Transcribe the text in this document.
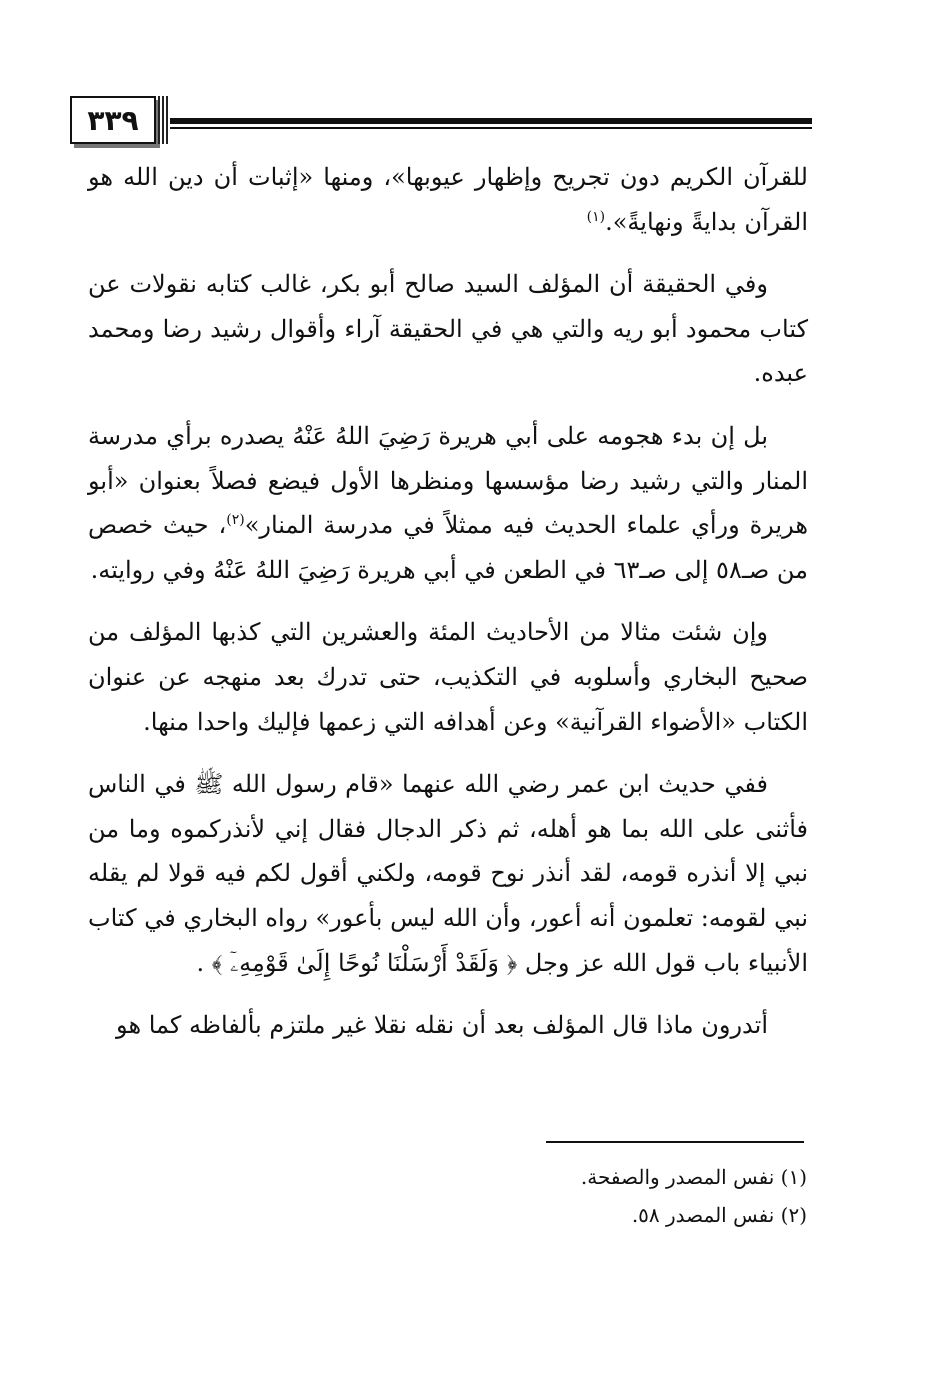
٣٣٩

للقرآن الكريم دون تجريح وإظهار عيوبها»، ومنها «إثبات أن دين الله هو القرآن بدايةً ونهايةً».$^{(١)}$

وفي الحقيقة أن المؤلف السيد صالح أبو بكر، غالب كتابه نقولات عن كتاب محمود أبو ريه والتي هي في الحقيقة آراء وأقوال رشيد رضا ومحمد عبده.

بل إن بدء هجومه على أبي هريرة رَضِيَ اللهُ عَنْهُ يصدره برأي مدرسة المنار والتي رشيد رضا مؤسسها ومنظرها الأول فيضع فصلاً بعنوان «أبو هريرة ورأي علماء الحديث فيه ممثلاً في مدرسة المنار»$^{(٢)}$، حيث خصص من صـ٥٨ إلى صـ٦٣ في الطعن في أبي هريرة رَضِيَ اللهُ عَنْهُ وفي روايته.

وإن شئت مثالا من الأحاديث المئة والعشرين التي كذبها المؤلف من صحيح البخاري وأسلوبه في التكذيب، حتى تدرك بعد منهجه عن عنوان الكتاب «الأضواء القرآنية» وعن أهدافه التي زعمها فإليك واحدا منها.

ففي حديث ابن عمر رضي الله عنهما «قام رسول الله ﷺ في الناس فأثنى على الله بما هو أهله، ثم ذكر الدجال فقال إني لأنذركموه وما من نبي إلا أنذره قومه، لقد أنذر نوح قومه، ولكني أقول لكم فيه قولا لم يقله نبي لقومه: تعلمون أنه أعور، وأن الله ليس بأعور» رواه البخاري في كتاب الأنبياء باب قول الله عز وجل ﴿ وَلَقَدْ أَرْسَلْنَا نُوحًا إِلَىٰ قَوْمِهِۦٓ ﴾ .

أتدرون ماذا قال المؤلف بعد أن نقله نقلا غير ملتزم بألفاظه كما هو

(١) نفس المصدر والصفحة.
(٢) نفس المصدر ٥٨.
